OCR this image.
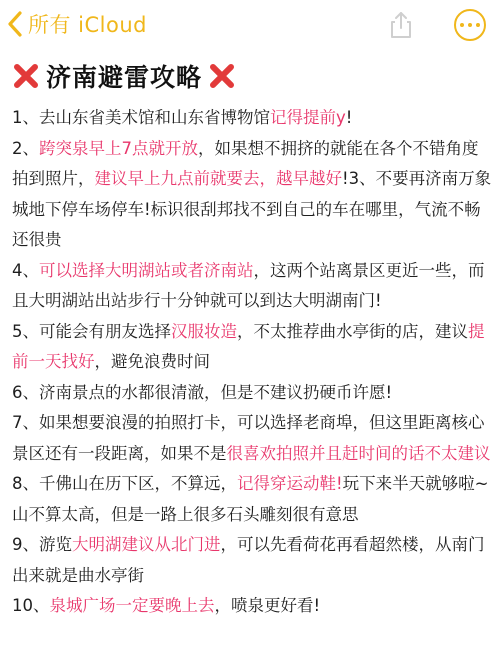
所有 iCloud
济南避雷攻略

1、去山东省美术馆和山东省博物馆记得提前y!

2、跨突泉早上7点就开放，如果想不拥挤的就能在各个不错角度拍到照片，建议早上九点前就要去，越早越好!3、不要再济南万象城地下停车场停车!标识很刮邦找不到自己的车在哪里，气流不畅还很贵

4、可以选择大明湖站或者济南站，这两个站离景区更近一些，而且大明湖站出站步行十分钟就可以到达大明湖南门!

5、可能会有朋友选择汉服妆造，不太推荐曲水亭街的店，建议提前一天找好，避免浪费时间

6、济南景点的水都很清澈，但是不建议扔硬币许愿!

7、如果想要浪漫的拍照打卡，可以选择老商埠，但这里距离核心景区还有一段距离，如果不是很喜欢拍照并且赶时间的话不太建议

8、千佛山在历下区，不算远，记得穿运动鞋!玩下来半天就够啦~山不算太高，但是一路上很多石头雕刻很有意思

9、游览大明湖建议从北门进，可以先看荷花再看超然楼，从南门出来就是曲水亭街

10、泉城广场一定要晚上去，喷泉更好看!
